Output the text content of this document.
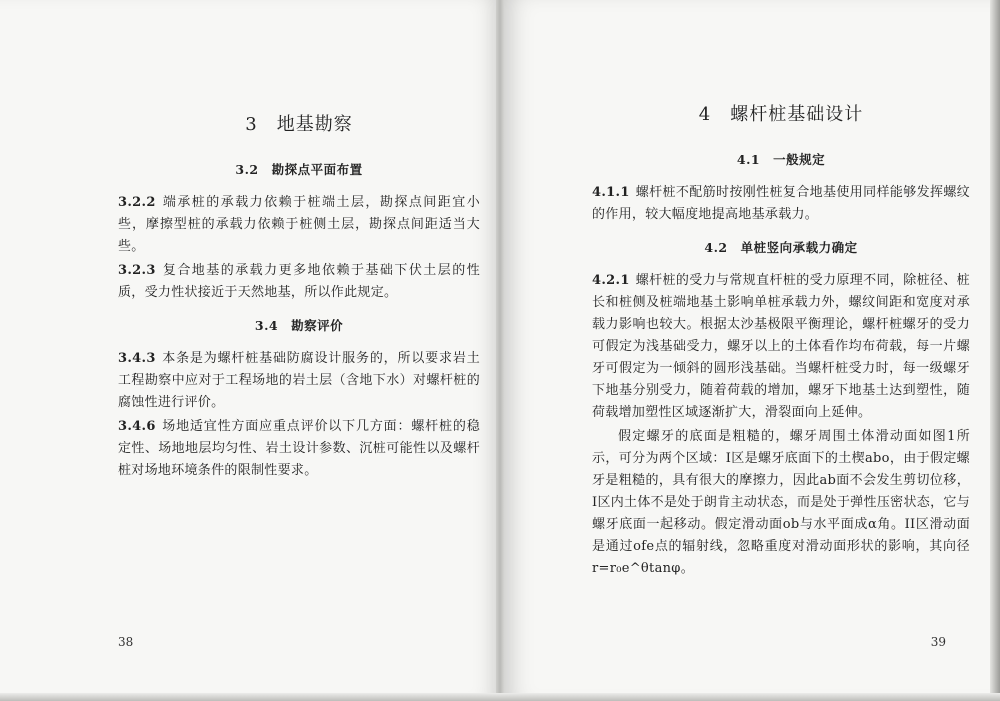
3　地基勘察
3.2　勘探点平面布置

3.2.2 端承桩的承载力依赖于桩端土层，勘探点间距宜小些，摩擦型桩的承载力依赖于桩侧土层，勘探点间距适当大些。

3.2.3 复合地基的承载力更多地依赖于基础下伏土层的性质，受力性状接近于天然地基，所以作此规定。

3.4　勘察评价

3.4.3 本条是为螺杆桩基础防腐设计服务的，所以要求岩土工程勘察中应对于工程场地的岩土层（含地下水）对螺杆桩的腐蚀性进行评价。

3.4.6 场地适宜性方面应重点评价以下几方面：螺杆桩的稳定性、场地地层均匀性、岩土设计参数、沉桩可能性以及螺杆桩对场地环境条件的限制性要求。

38
4　螺杆桩基础设计
4.1　一般规定

4.1.1 螺杆桩不配筋时按刚性桩复合地基使用同样能够发挥螺纹的作用，较大幅度地提高地基承载力。

4.2　单桩竖向承载力确定

4.2.1 螺杆桩的受力与常规直杆桩的受力原理不同，除桩径、桩长和桩侧及桩端地基土影响单桩承载力外，螺纹间距和宽度对承载力影响也较大。根据太沙基极限平衡理论，螺杆桩螺牙的受力可假定为浅基础受力，螺牙以上的土体看作均布荷载，每一片螺牙可假定为一倾斜的圆形浅基础。当螺杆桩受力时，每一级螺牙下地基分别受力，随着荷载的增加，螺牙下地基土达到塑性，随荷载增加塑性区域逐渐扩大，滑裂面向上延伸。

假定螺牙的底面是粗糙的，螺牙周围土体滑动面如图1所示，可分为两个区域：I区是螺牙底面下的土楔abo，由于假定螺牙是粗糙的，具有很大的摩擦力，因此ab面不会发生剪切位移，I区内土体不是处于朗肯主动状态，而是处于弹性压密状态，它与螺牙底面一起移动。假定滑动面ob与水平面成α角。II区滑动面是通过ofe点的辐射线，忽略重度对滑动面形状的影响，其向径r=r₀e^θtanφ。

39
